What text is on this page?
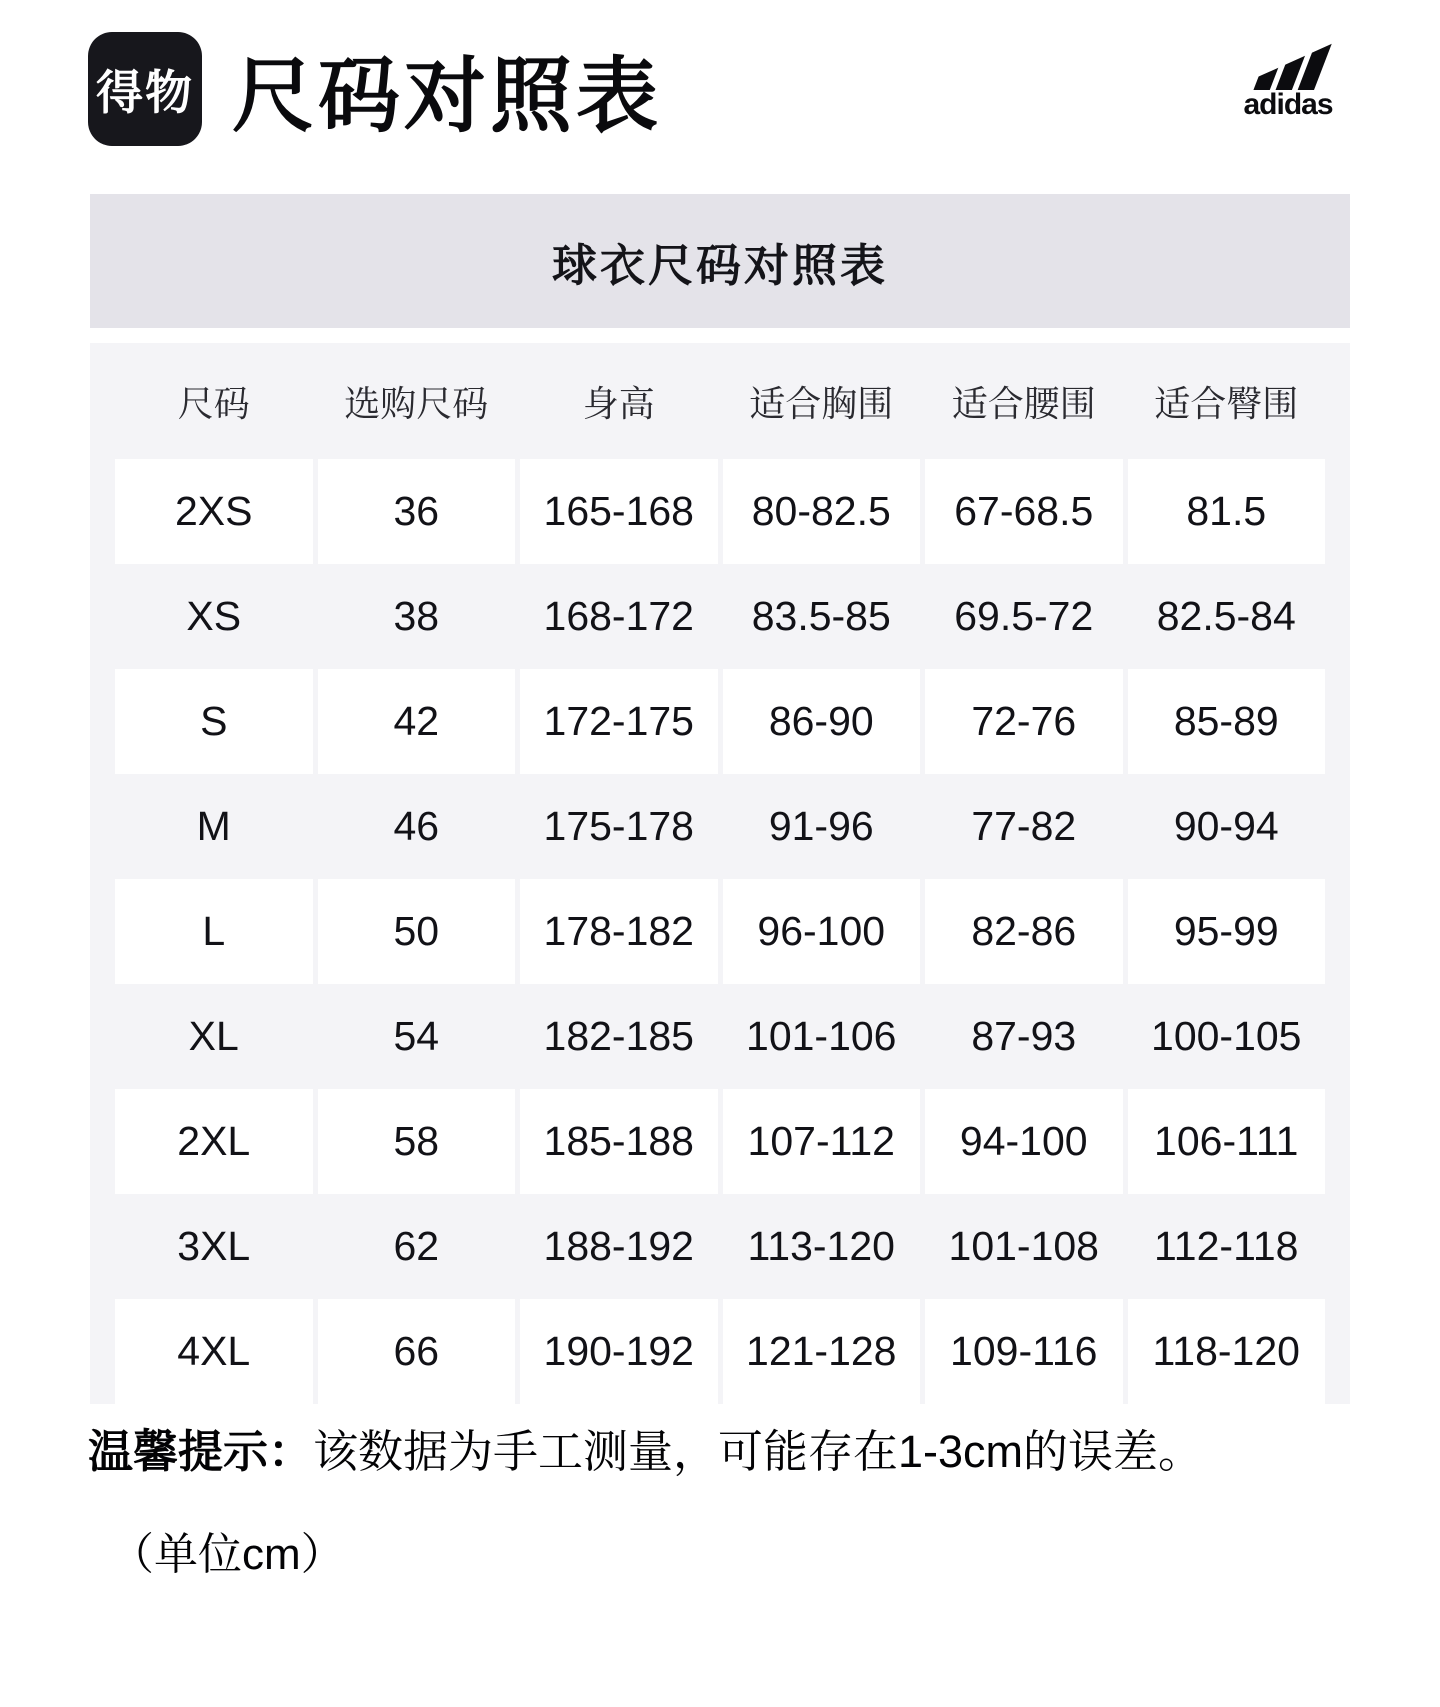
得物 尺码对照表	adidas
球衣尺码对照表
尺码	选购尺码	身高	适合胸围	适合腰围	适合臀围
2XS	36	165-168	80-82.5	67-68.5	81.5
XS	38	168-172	83.5-85	69.5-72	82.5-84
S	42	172-175	86-90	72-76	85-89
M	46	175-178	91-96	77-82	90-94
L	50	178-182	96-100	82-86	95-99
XL	54	182-185	101-106	87-93	100-105
2XL	58	185-188	107-112	94-100	106-111
3XL	62	188-192	113-120	101-108	112-118
4XL	66	190-192	121-128	109-116	118-120
温馨提示：该数据为手工测量，可能存在1-3cm的误差。
（单位cm）
